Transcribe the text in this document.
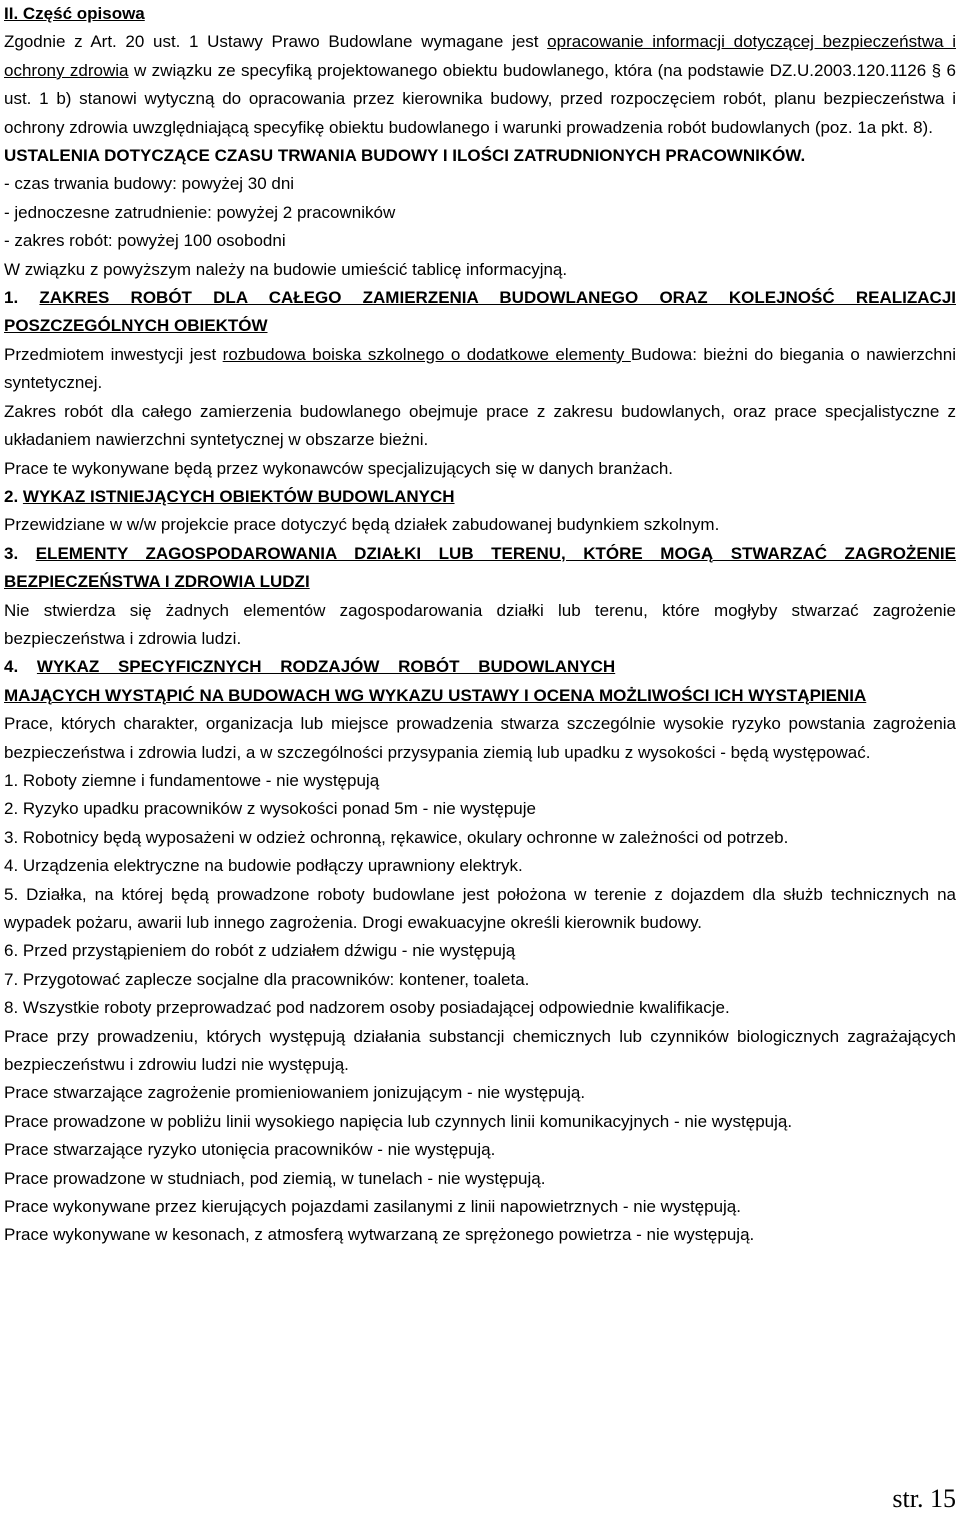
II. Część opisowa

Zgodnie z Art. 20 ust. 1 Ustawy Prawo Budowlane wymagane jest opracowanie informacji dotyczącej bezpieczeństwa i ochrony zdrowia w związku ze specyfiką projektowanego obiektu budowlanego, która (na podstawie DZ.U.2003.120.1126 § 6 ust. 1 b) stanowi wytyczną do opracowania przez kierownika budowy, przed rozpoczęciem robót, planu bezpieczeństwa i ochrony zdrowia uwzględniającą specyfikę obiektu budowlanego i warunki prowadzenia robót budowlanych (poz. 1a pkt. 8).

USTALENIA DOTYCZĄCE CZASU TRWANIA BUDOWY I ILOŚCI ZATRUDNIONYCH PRACOWNIKÓW.
- czas trwania budowy: powyżej 30 dni
- jednoczesne zatrudnienie: powyżej 2 pracowników
- zakres robót: powyżej 100 osobodni
W związku z powyższym należy na budowie umieścić tablicę informacyjną.

1. ZAKRES ROBÓT DLA CAŁEGO ZAMIERZENIA BUDOWLANEGO ORAZ KOLEJNOŚĆ REALIZACJI POSZCZEGÓLNYCH OBIEKTÓW

Przedmiotem inwestycji jest rozbudowa boiska szkolnego o dodatkowe elementy Budowa: bieżni do biegania o nawierzchni syntetycznej.

Zakres robót dla całego zamierzenia budowlanego obejmuje prace z zakresu budowlanych, oraz prace specjalistyczne z układaniem nawierzchni syntetycznej w obszarze bieżni.

Prace te wykonywane będą przez wykonawców specjalizujących się w danych branżach.

2. WYKAZ ISTNIEJĄCYCH OBIEKTÓW BUDOWLANYCH

Przewidziane w w/w projekcie prace dotyczyć będą działek zabudowanej budynkiem szkolnym.

3. ELEMENTY ZAGOSPODAROWANIA DZIAŁKI LUB TERENU, KTÓRE MOGĄ STWARZAĆ ZAGROŻENIE BEZPIECZEŃSTWA I ZDROWIA LUDZI

Nie stwierdza się żadnych elementów zagospodarowania działki lub terenu, które mogłyby stwarzać zagrożenie bezpieczeństwa i zdrowia ludzi.

4. WYKAZ SPECYFICZNYCH RODZAJÓW ROBÓT BUDOWLANYCH

MAJĄCYCH WYSTĄPIĆ NA BUDOWACH WG WYKAZU USTAWY I OCENA MOŻLIWOŚCI ICH WYSTĄPIENIA

Prace, których charakter, organizacja lub miejsce prowadzenia stwarza szczególnie wysokie ryzyko powstania zagrożenia bezpieczeństwa i zdrowia ludzi, a w szczególności przysypania ziemią lub upadku z wysokości - będą występować.

1. Roboty ziemne i fundamentowe - nie występują

2. Ryzyko upadku pracowników z wysokości ponad 5m - nie występuje

3. Robotnicy będą wyposażeni w odzież ochronną, rękawice, okulary ochronne w zależności od potrzeb.

4. Urządzenia elektryczne na budowie podłączy uprawniony elektryk.

5. Działka, na której będą prowadzone roboty budowlane jest położona w terenie z dojazdem dla służb technicznych na wypadek pożaru, awarii lub innego zagrożenia. Drogi ewakuacyjne określi kierownik budowy.

6. Przed przystąpieniem do robót z udziałem dźwigu - nie występują

7. Przygotować zaplecze socjalne dla pracowników: kontener, toaleta.

8. Wszystkie roboty przeprowadzać pod nadzorem osoby posiadającej odpowiednie kwalifikacje.

Prace przy prowadzeniu, których występują działania substancji chemicznych lub czynników biologicznych zagrażających bezpieczeństwu i zdrowiu ludzi nie występują.

Prace stwarzające zagrożenie promieniowaniem jonizującym - nie występują.

Prace prowadzone w pobliżu linii wysokiego napięcia lub czynnych linii komunikacyjnych - nie występują.

Prace stwarzające ryzyko utonięcia pracowników - nie występują.

Prace prowadzone w studniach, pod ziemią, w tunelach - nie występują.

Prace wykonywane przez kierujących pojazdami zasilanymi z linii napowietrznych - nie występują.

Prace wykonywane w kesonach, z atmosferą wytwarzaną ze sprężonego powietrza - nie występują.

str. 15
